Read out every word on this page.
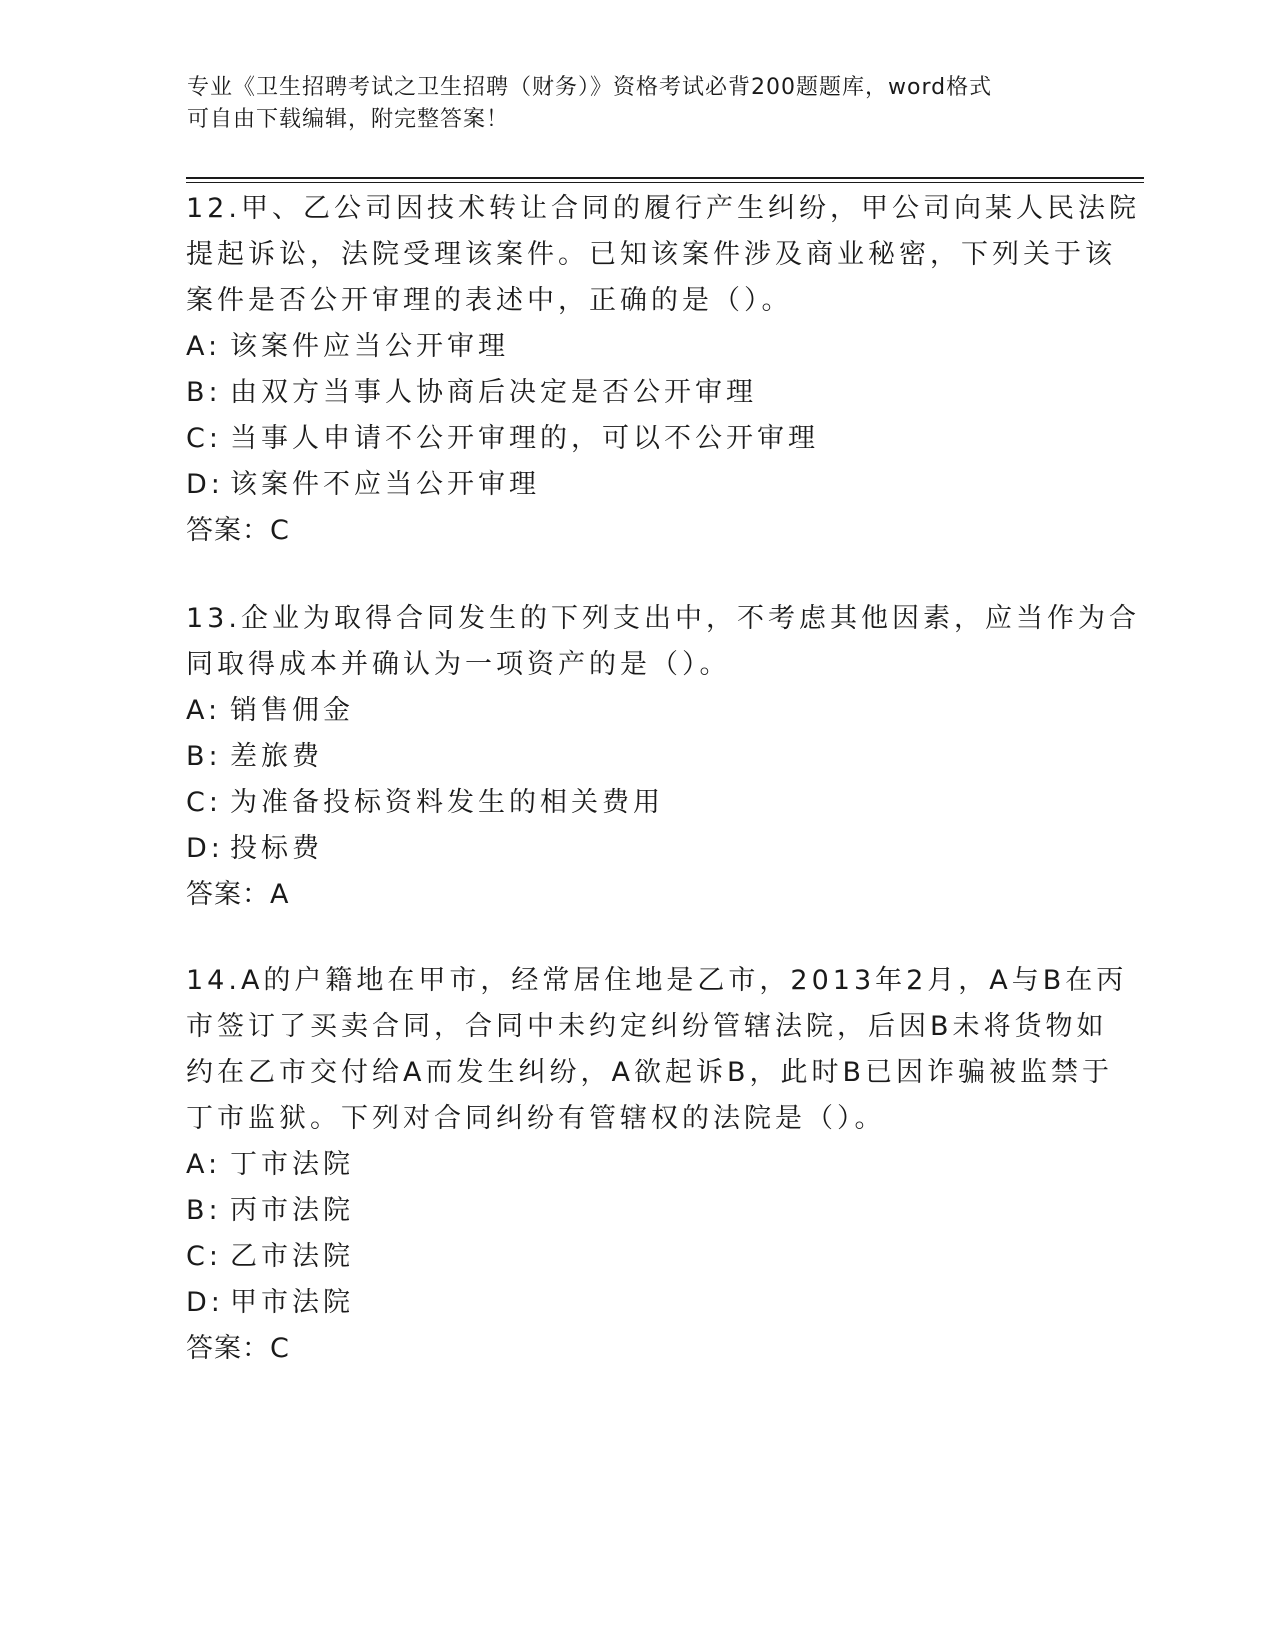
专业《卫生招聘考试之卫生招聘（财务）》资格考试必背200题题库，word格式
可自由下载编辑，附完整答案！
12.甲、乙公司因技术转让合同的履行产生纠纷，甲公司向某人民法院
提起诉讼，法院受理该案件。已知该案件涉及商业秘密，下列关于该
案件是否公开审理的表述中，正确的是（）。
A: 该案件应当公开审理
B: 由双方当事人协商后决定是否公开审理
C: 当事人申请不公开审理的，可以不公开审理
D: 该案件不应当公开审理
答案：C
13.企业为取得合同发生的下列支出中，不考虑其他因素，应当作为合
同取得成本并确认为一项资产的是（）。
A: 销售佣金
B: 差旅费
C: 为准备投标资料发生的相关费用
D: 投标费
答案：A
14.A的户籍地在甲市，经常居住地是乙市，2013年2月，A与B在丙
市签订了买卖合同，合同中未约定纠纷管辖法院，后因B未将货物如
约在乙市交付给A而发生纠纷，A欲起诉B，此时B已因诈骗被监禁于
丁市监狱。下列对合同纠纷有管辖权的法院是（）。
A: 丁市法院
B: 丙市法院
C: 乙市法院
D: 甲市法院
答案：C
